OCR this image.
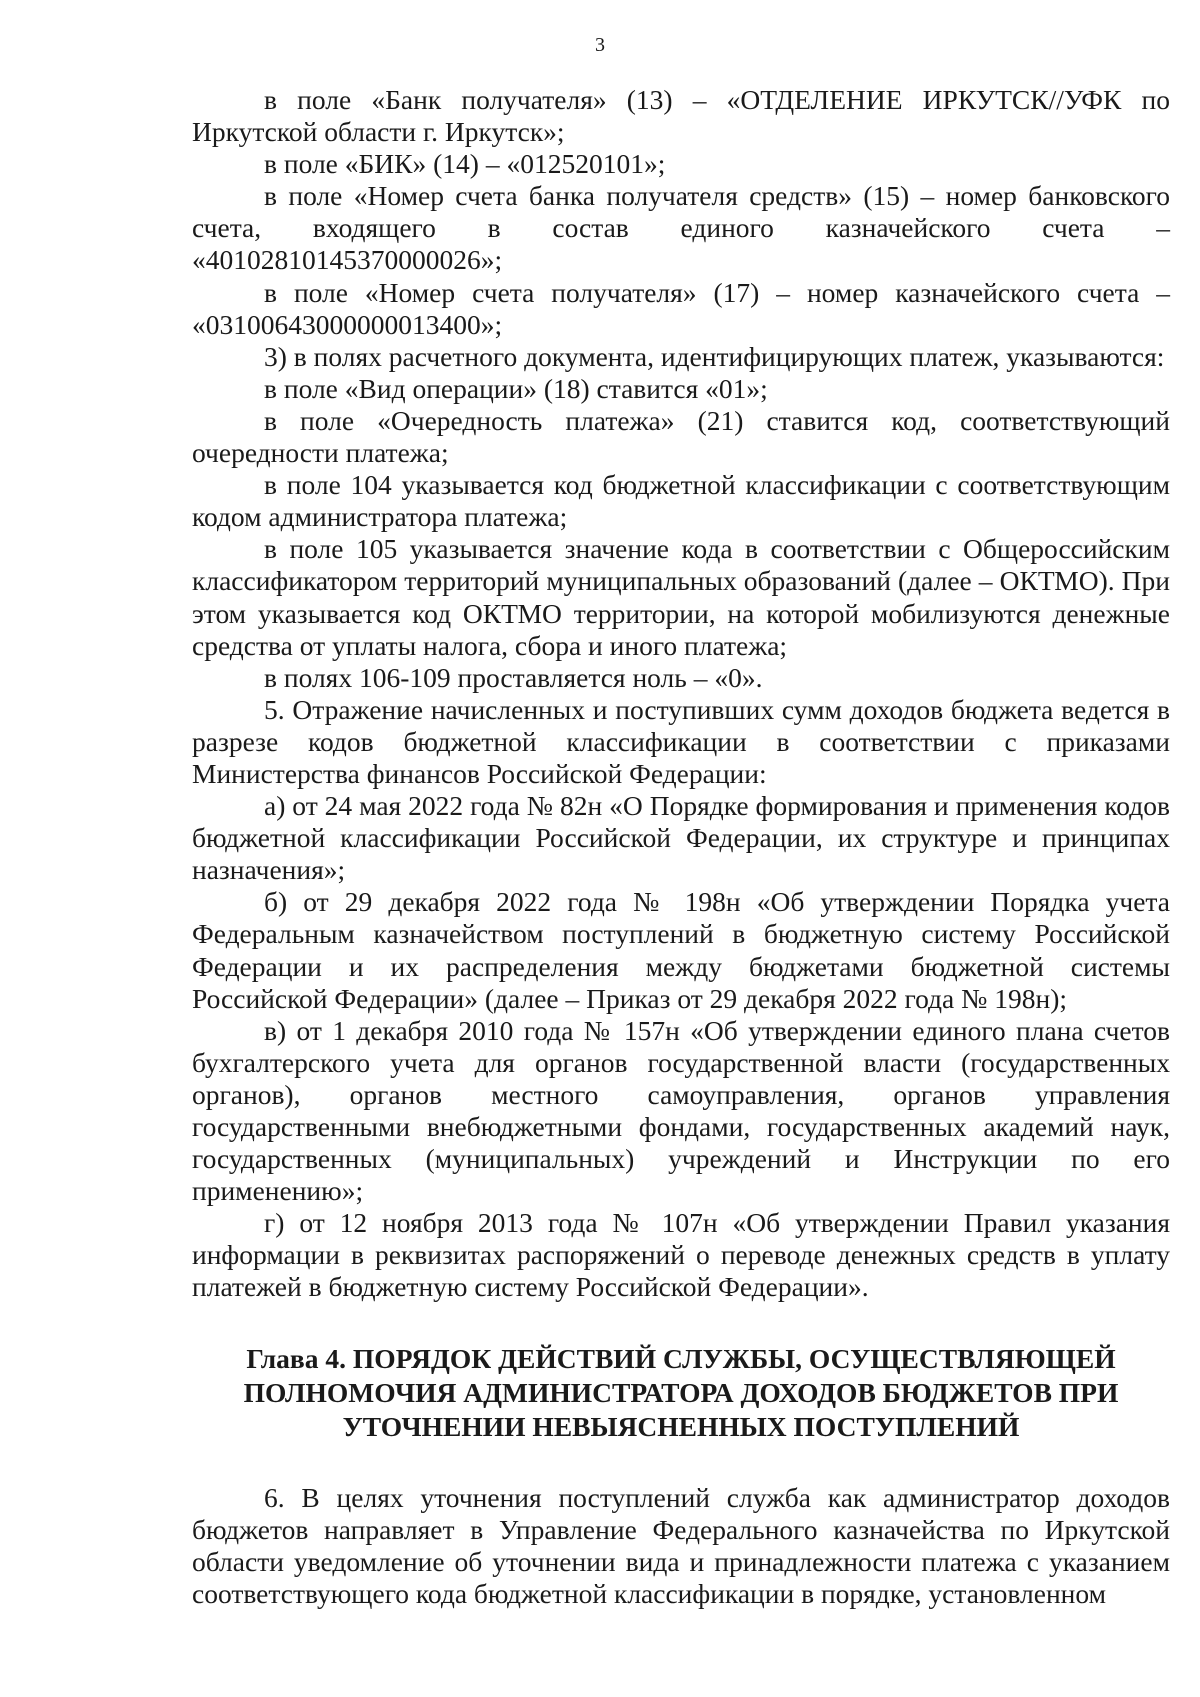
3

в поле «Банк получателя» (13) – «ОТДЕЛЕНИЕ ИРКУТСК//УФК по Иркутской области г. Иркутск»;

в поле «БИК» (14) – «012520101»;

в поле «Номер счета банка получателя средств» (15) – номер банковского счета, входящего в состав единого казначейского счета – «40102810145370000026»;

в поле «Номер счета получателя» (17) – номер казначейского счета – «03100643000000013400»;

3) в полях расчетного документа, идентифицирующих платеж, указываются:

в поле «Вид операции» (18) ставится «01»;

в поле «Очередность платежа» (21) ставится код, соответствующий очередности платежа;

в поле 104 указывается код бюджетной классификации с соответствующим кодом администратора платежа;

в поле 105 указывается значение кода в соответствии с Общероссийским классификатором территорий муниципальных образований (далее – ОКТМО). При этом указывается код ОКТМО территории, на которой мобилизуются денежные средства от уплаты налога, сбора и иного платежа;

в полях 106-109 проставляется ноль – «0».

5. Отражение начисленных и поступивших сумм доходов бюджета ведется в разрезе кодов бюджетной классификации в соответствии с приказами Министерства финансов Российской Федерации:

а) от 24 мая 2022 года № 82н «О Порядке формирования и применения кодов бюджетной классификации Российской Федерации, их структуре и принципах назначения»;

б) от 29 декабря 2022 года № 198н «Об утверждении Порядка учета Федеральным казначейством поступлений в бюджетную систему Российской Федерации и их распределения между бюджетами бюджетной системы Российской Федерации» (далее – Приказ от 29 декабря 2022 года № 198н);

в) от 1 декабря 2010 года № 157н «Об утверждении единого плана счетов бухгалтерского учета для органов государственной власти (государственных органов), органов местного самоуправления, органов управления государственными внебюджетными фондами, государственных академий наук, государственных (муниципальных) учреждений и Инструкции по его применению»;

г) от 12 ноября 2013 года № 107н «Об утверждении Правил указания информации в реквизитах распоряжений о переводе денежных средств в уплату платежей в бюджетную систему Российской Федерации».

Глава 4. ПОРЯДОК ДЕЙСТВИЙ СЛУЖБЫ, ОСУЩЕСТВЛЯЮЩЕЙ ПОЛНОМОЧИЯ АДМИНИСТРАТОРА ДОХОДОВ БЮДЖЕТОВ ПРИ УТОЧНЕНИИ НЕВЫЯСНЕННЫХ ПОСТУПЛЕНИЙ

6. В целях уточнения поступлений служба как администратор доходов бюджетов направляет в Управление Федерального казначейства по Иркутской области уведомление об уточнении вида и принадлежности платежа с указанием соответствующего кода бюджетной классификации в порядке, установленном
